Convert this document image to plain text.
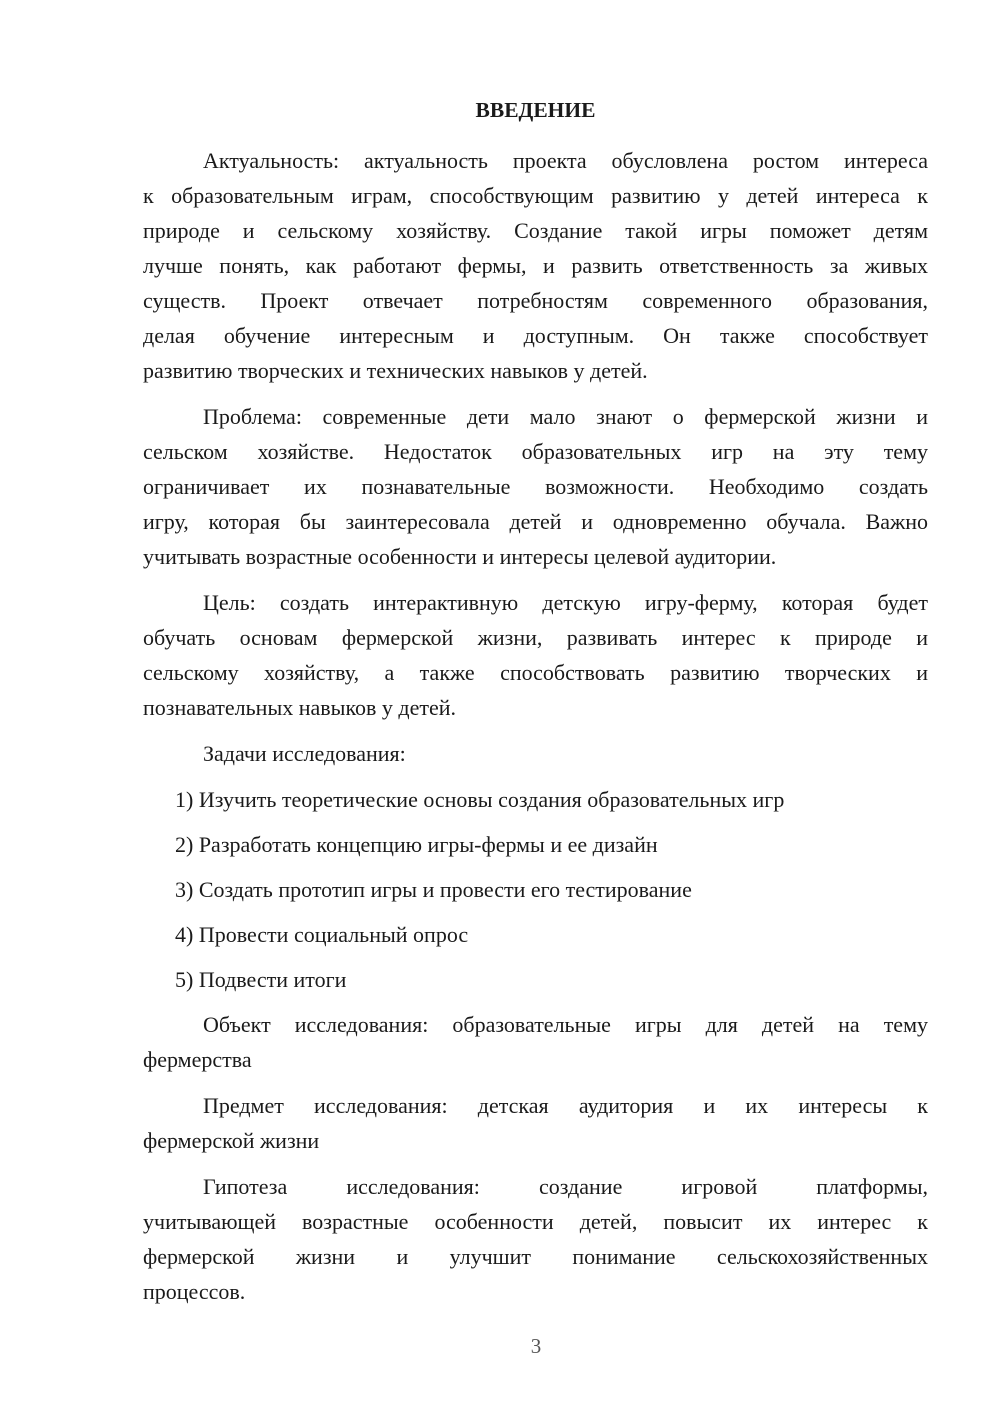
ВВЕДЕНИЕ
Актуальность: актуальность проекта обусловлена ростом интереса
к образовательным играм, способствующим развитию у детей интереса к
природе и сельскому хозяйству. Создание такой игры поможет детям
лучше понять, как работают фермы, и развить ответственность за живых
существ. Проект отвечает потребностям современного образования,
делая обучение интересным и доступным. Он также способствует
развитию творческих и технических навыков у детей.
Проблема: современные дети мало знают о фермерской жизни и
сельском хозяйстве. Недостаток образовательных игр на эту тему
ограничивает их познавательные возможности. Необходимо создать
игру, которая бы заинтересовала детей и одновременно обучала. Важно
учитывать возрастные особенности и интересы целевой аудитории.
Цель: создать интерактивную детскую игру-ферму, которая будет
обучать основам фермерской жизни, развивать интерес к природе и
сельскому хозяйству, а также способствовать развитию творческих и
познавательных навыков у детей.
Задачи исследования:
1) Изучить теоретические основы создания образовательных игр
2) Разработать концепцию игры-фермы и ее дизайн
3) Создать прототип игры и провести его тестирование
4) Провести социальный опрос
5) Подвести итоги
Объект исследования: образовательные игры для детей на тему
фермерства
Предмет исследования: детская аудитория и их интересы к
фермерской жизни
Гипотеза исследования: создание игровой платформы,
учитывающей возрастные особенности детей, повысит их интерес к
фермерской жизни и улучшит понимание сельскохозяйственных
процессов.
3
